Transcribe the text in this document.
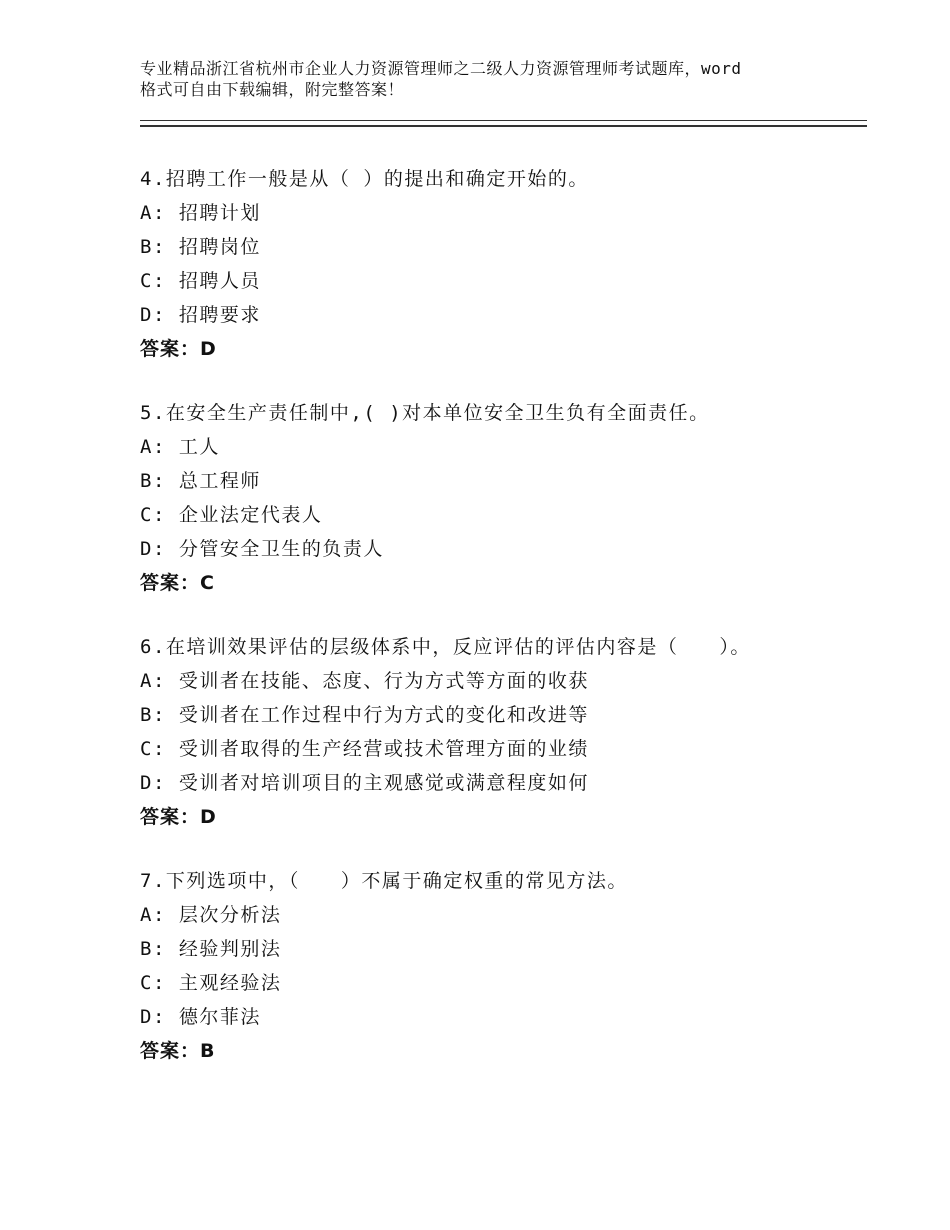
专业精品浙江省杭州市企业人力资源管理师之二级人力资源管理师考试题库，word
格式可自由下载编辑，附完整答案！
4.招聘工作一般是从（ ）的提出和确定开始的。
A: 招聘计划
B: 招聘岗位
C: 招聘人员
D: 招聘要求
答案：D
5.在安全生产责任制中,( )对本单位安全卫生负有全面责任。
A: 工人
B: 总工程师
C: 企业法定代表人
D: 分管安全卫生的负责人
答案：C
6.在培训效果评估的层级体系中，反应评估的评估内容是（　　）。
A: 受训者在技能、态度、行为方式等方面的收获
B: 受训者在工作过程中行为方式的变化和改进等
C: 受训者取得的生产经营或技术管理方面的业绩
D: 受训者对培训项目的主观感觉或满意程度如何
答案：D
7.下列选项中，（　　）不属于确定权重的常见方法。
A: 层次分析法
B: 经验判别法
C: 主观经验法
D: 德尔菲法
答案：B
